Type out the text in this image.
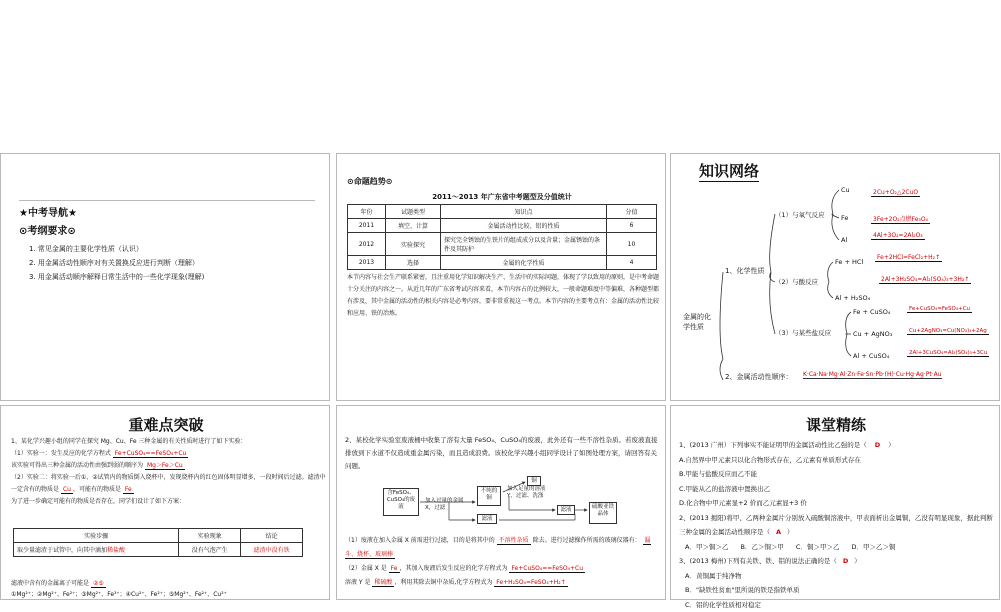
★中考导航★
⊙考纲要求⊙
1. 常见金属的主要化学性质（认识）
2. 用金属活动性顺序对有关置换反应进行判断（理解）
3. 用金属活动顺序解释日常生活中的一些化学现象(理解)
⊙命题趋势⊙
2011～2013 年广东省中考题型及分值统计
年份	试题类型	知识点	分值
2011	填空、计算	金属活动性比较、铝的性质	6
2012	实验探究	探究完全锈蚀的生铁片的组成成分以及含量；金属锈蚀的条件及其防护	10
2013	选择	金属的化学性质	4
本节内容与社会生产联系紧密，且注重用化学知识解决生产、生活中的实际问题，体现了学以致用的原则，是中考命题十分关注的内容之一。从近几年的广东省考试内容来看，本节内容占的比例较大，一般命题难度中等偏难，各种题型都有涉及，其中金属的活动性的相关内容是必考内容，要非常重视这一考点。本节内容的主要考点有：金属的活动性比较和应用、铁的冶炼。
知识网络
金属的化学性质
1、化学性质
2、金属活动性顺序： K·Ca·Na·Mg·Al·Zn·Fe·Sn·Pb·(H)·Cu·Hg·Ag·Pt·Au
（1）与氧气反应
（2）与酸反应
（3）与某些盐反应
Cu
Fe
Al
2Cu+O₂△2CuO
3Fe+2O₂点燃Fe₃O₄
4Al+3O₂=2Al₂O₃
Fe + HCl
Al + H₂SO₄
Fe+2HCl=FeCl₂+H₂↑
2Al+3H₂SO₄=Al₂(SO₄)₃+3H₂↑
Fe + CuSO₄
Cu + AgNO₃
Al + CuSO₄
Fe+CuSO₄=FeSO₄+Cu
Cu+2AgNO₃=Cu(NO₃)₂+2Ag
2Al+3CuSO₄=Al₂(SO₄)₃+3Cu
重难点突破
1、某化学兴趣小组的同学在探究 Mg、Cu、Fe 三种金属的有关性质时进行了如下实验：
（1）实验一：发生反应的化学方程式 Fe+CuSO₄==FeSO₄+Cu
该实验可得出三种金属的活动性由强到弱的顺序为 Mg＞Fe＞Cu
（2）实验二：将实验一后①、②试管内的物质倒入烧杯中，发现烧杯内的红色固体明显增多，一段时间后过滤。滤渣中一定含有的物质是 Cu ，可能有的物质是 Fe
为了进一步确定可能有的物质是否存在，同学们设计了如下方案：
实验步骤	实验现象	结论
取少量滤渣于试管中，向其中滴加稀盐酸	没有气泡产生	滤渣中没有铁
滤液中含有的金属离子可能是 ②⑤
①Mg²⁺；②Mg²⁺、Fe²⁺；③Mg²⁺、Fe³⁺；④Cu²⁺、Fe²⁺；⑤Mg²⁺、Fe²⁺、Cu²⁺
2、某校化学实验室废液桶中收集了溶有大量 FeSO₄、CuSO₄的废液，此外还有一些不溶性杂质。若废液直接排放到下水道不仅造成重金属污染，而且造成浪费。该校化学兴趣小组同学设计了如图处理方案，请回答有关问题。
含FeSO₄、CuSO₄的废液
加入过量的金属X，过滤
不纯的铜
加入足量的溶液Y，过滤、洗涤
铜
滤液
滤液	硫酸亚铁晶体
（1）废液在加入金属 X 前需进行过滤，目的是将其中的 不溶性杂质 除去。进行过滤操作所需的玻璃仪器有： 漏斗、烧杯、玻璃棒
（2）金属 X 是 Fe ，其加入废液后发生反应的化学方程式为 Fe+CuSO₄==FeSO₄+Cu
溶液 Y 是 稀硫酸 ，利用其除去铜中杂质,化学方程式为 Fe+H₂SO₄=FeSO₄+H₂↑
课堂精练
1、(2013 广州）下列事实不能证明甲的金属活动性比乙强的是（ D ）
A.自然界中甲元素只以化合物形式存在，乙元素有单质形式存在
B.甲能与盐酸反应而乙不能
C.甲能从乙的盐溶液中置换出乙
D.化合物中甲元素显+2 价而乙元素显+3 价
2、(2013 揭阳)将甲、乙两种金属片分别放入硫酸铜溶液中，甲表面析出金属铜，乙没有明显现象，据此判断三种金属的金属活动性顺序是（ A ）
A．甲＞铜＞乙 B．乙＞铜＞甲 C．铜＞甲＞乙 D．甲＞乙＞铜
3、(2013 梅州)下列有关铁、铁、铝的说法正确的是（ D ）
A．黄铜属于纯净物
B．"缺铁性贫血"里所说的铁是指铁单质
C．铝的化学性质相对稳定
